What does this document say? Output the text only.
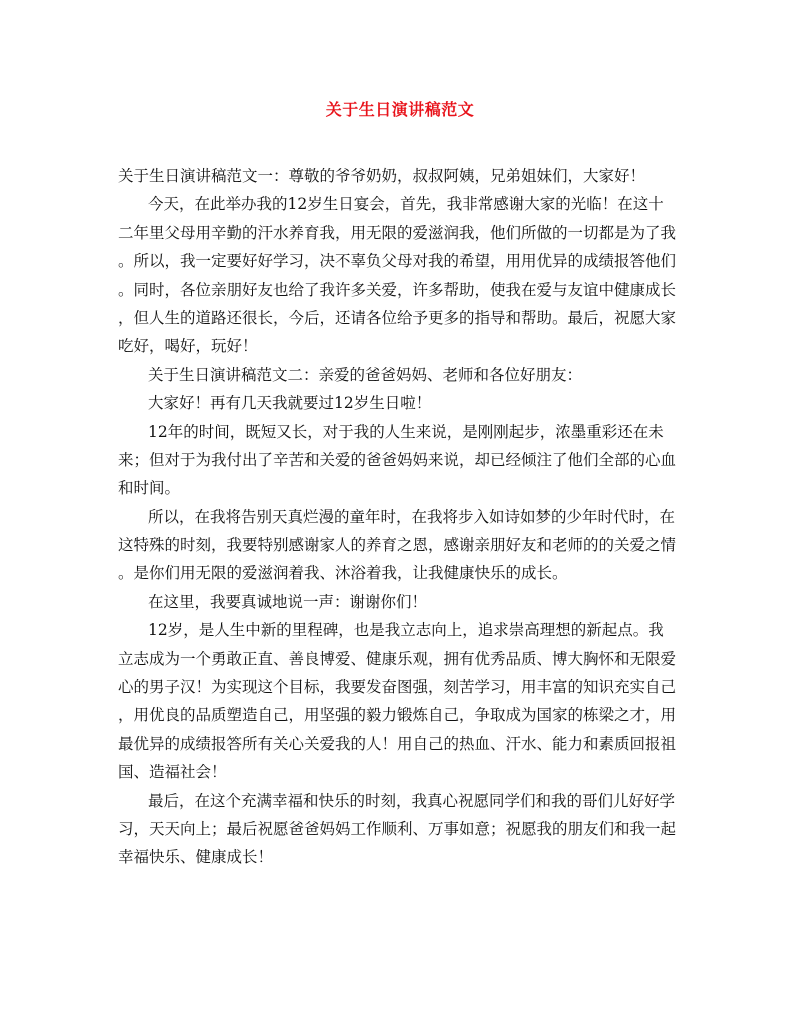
关于生日演讲稿范文
关于生日演讲稿范文一：尊敬的爷爷奶奶，叔叔阿姨，兄弟姐妹们，大家好！
今天，在此举办我的12岁生日宴会，首先，我非常感谢大家的光临！在这十
二年里父母用辛勤的汗水养育我，用无限的爱滋润我，他们所做的一切都是为了我
。所以，我一定要好好学习，决不辜负父母对我的希望，用用优异的成绩报答他们
。同时，各位亲朋好友也给了我许多关爱，许多帮助，使我在爱与友谊中健康成长
，但人生的道路还很长，今后，还请各位给予更多的指导和帮助。最后，祝愿大家
吃好，喝好，玩好！
关于生日演讲稿范文二：亲爱的爸爸妈妈、老师和各位好朋友：
大家好！再有几天我就要过12岁生日啦！
12年的时间，既短又长，对于我的人生来说，是刚刚起步，浓墨重彩还在未
来；但对于为我付出了辛苦和关爱的爸爸妈妈来说，却已经倾注了他们全部的心血
和时间。
所以，在我将告别天真烂漫的童年时，在我将步入如诗如梦的少年时代时，在
这特殊的时刻，我要特别感谢家人的养育之恩，感谢亲朋好友和老师的的关爱之情
。是你们用无限的爱滋润着我、沐浴着我，让我健康快乐的成长。
在这里，我要真诚地说一声：谢谢你们！
12岁，是人生中新的里程碑，也是我立志向上，追求崇高理想的新起点。我
立志成为一个勇敢正直、善良博爱、健康乐观，拥有优秀品质、博大胸怀和无限爱
心的男子汉！为实现这个目标，我要发奋图强，刻苦学习，用丰富的知识充实自己
，用优良的品质塑造自己，用坚强的毅力锻炼自己，争取成为国家的栋梁之才，用
最优异的成绩报答所有关心关爱我的人！用自己的热血、汗水、能力和素质回报祖
国、造福社会！
最后，在这个充满幸福和快乐的时刻，我真心祝愿同学们和我的哥们儿好好学
习，天天向上；最后祝愿爸爸妈妈工作顺利、万事如意；祝愿我的朋友们和我一起
幸福快乐、健康成长！
